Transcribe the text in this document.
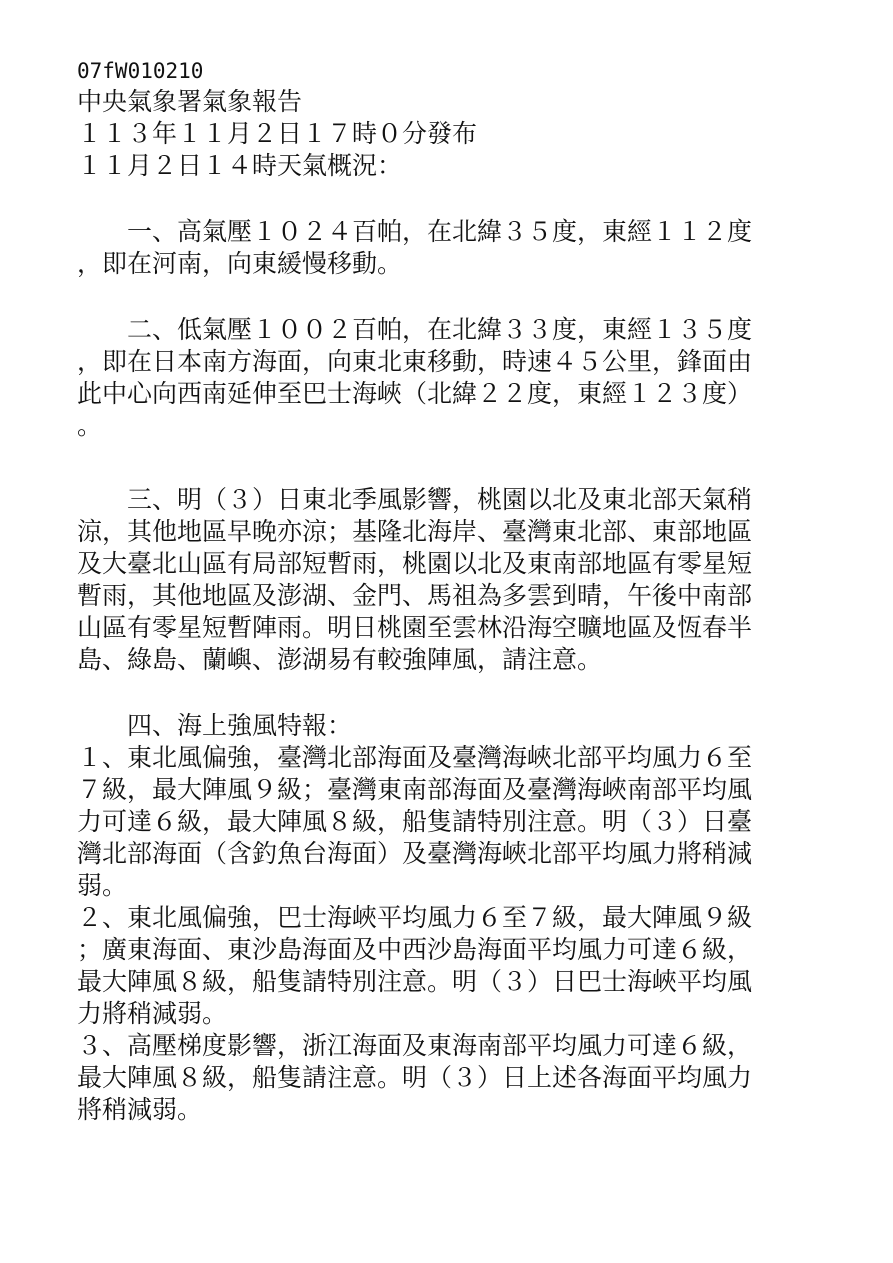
07fW010210
中央氣象署氣象報告
１１３年１１月２日１７時０分發布
１１月２日１４時天氣概況：
　　一、高氣壓１０２４百帕，在北緯３５度，東經１１２度
，即在河南，向東緩慢移動。
　　二、低氣壓１００２百帕，在北緯３３度，東經１３５度
，即在日本南方海面，向東北東移動，時速４５公里，鋒面由
此中心向西南延伸至巴士海峽（北緯２２度，東經１２３度）
。
　　三、明（３）日東北季風影響，桃園以北及東北部天氣稍
涼，其他地區早晚亦涼；基隆北海岸、臺灣東北部、東部地區
及大臺北山區有局部短暫雨，桃園以北及東南部地區有零星短
暫雨，其他地區及澎湖、金門、馬祖為多雲到晴，午後中南部
山區有零星短暫陣雨。明日桃園至雲林沿海空曠地區及恆春半
島、綠島、蘭嶼、澎湖易有較強陣風，請注意。
　　四、海上強風特報：
１、東北風偏強，臺灣北部海面及臺灣海峽北部平均風力６至
７級，最大陣風９級；臺灣東南部海面及臺灣海峽南部平均風
力可達６級，最大陣風８級，船隻請特別注意。明（３）日臺
灣北部海面（含釣魚台海面）及臺灣海峽北部平均風力將稍減
弱。
２、東北風偏強，巴士海峽平均風力６至７級，最大陣風９級
；廣東海面、東沙島海面及中西沙島海面平均風力可達６級，
最大陣風８級，船隻請特別注意。明（３）日巴士海峽平均風
力將稍減弱。
３、高壓梯度影響，浙江海面及東海南部平均風力可達６級，
最大陣風８級，船隻請注意。明（３）日上述各海面平均風力
將稍減弱。
